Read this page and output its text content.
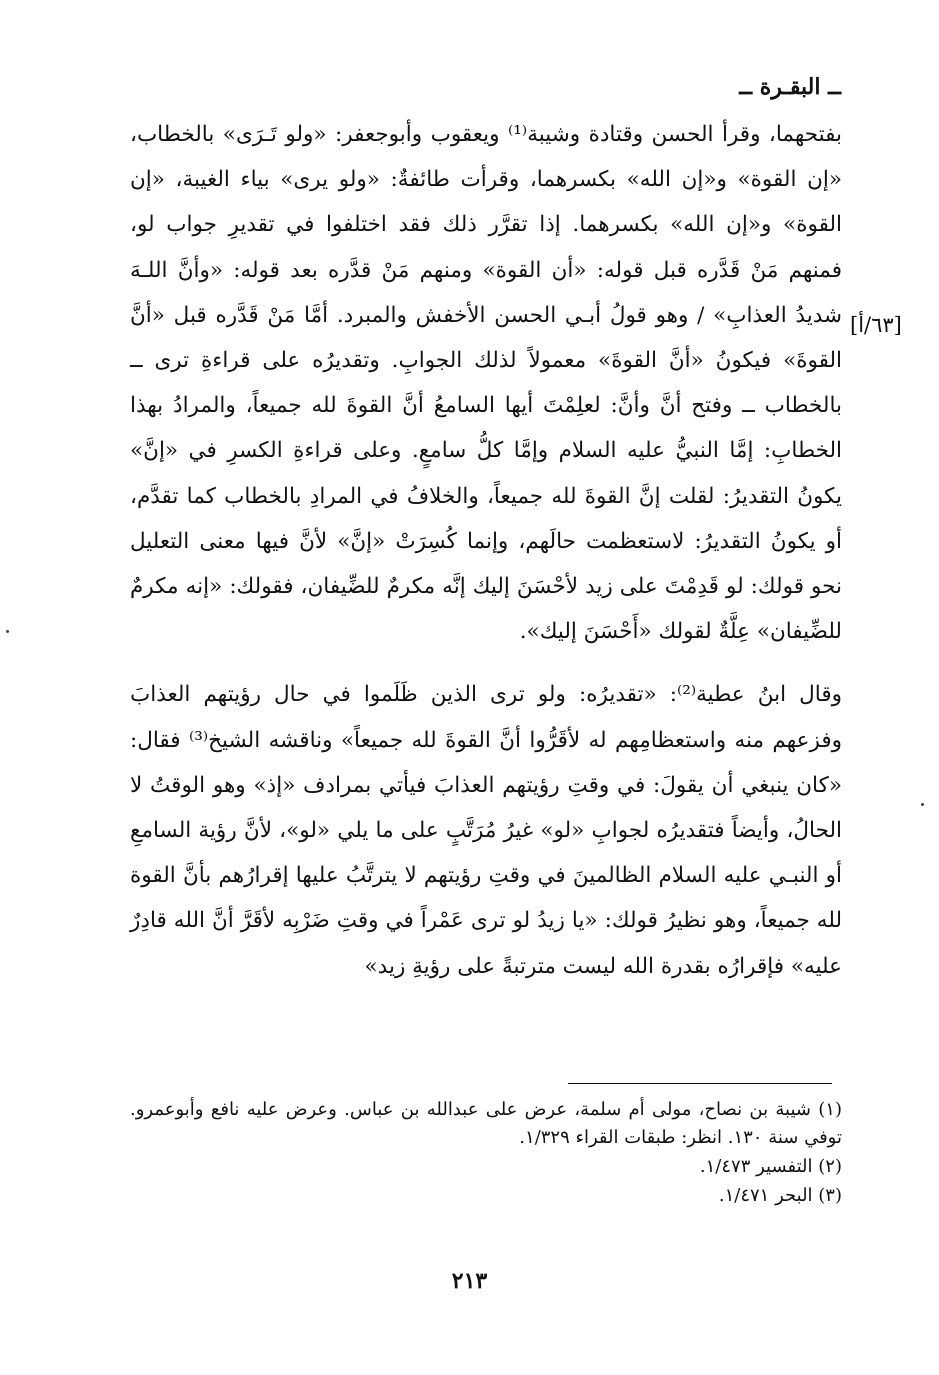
ــ البقـرة ــ
[٦٣/أ]

بفتحهما، وقرأ الحسن وقتادة وشيبة⁽¹⁾ ويعقوب وأبوجعفر: «ولو تَـرَى» بالخطاب، «إن القوة» و«إن الله» بكسرهما، وقرأت طائفةٌ: «ولو يرى» بياء الغيبة، «إن القوة» و«إن الله» بكسرهما. إذا تقرَّر ذلك فقد اختلفوا في تقديرِ جواب لو، فمنهم مَنْ قَدَّره قبل قوله: «أن القوة» ومنهم مَنْ قدَّره بعد قوله: «وأنَّ اللـهَ شديدُ العذابِ» / وهو قولُ أبـي الحسن الأخفش والمبرد. أمَّا مَنْ قَدَّره قبل «أنَّ القوةَ» فيكونُ «أنَّ القوةَ» معمولاً لذلك الجوابِ. وتقديرُه على قراءةِ ترى ــ بالخطاب ــ وفتح أنَّ وأنَّ: لعلِمْتَ أيها السامعُ أنَّ القوةَ لله جميعاً، والمرادُ بهذا الخطابِ: إمَّا النبيُّ عليه السلام وإمَّا كلُّ سامعٍ. وعلى قراءةِ الكسرِ في «إنَّ» يكونُ التقديرُ: لقلت إنَّ القوةَ لله جميعاً، والخلافُ في المرادِ بالخطاب كما تقدَّم، أو يكونُ التقديرُ: لاستعظمت حالَهم، وإنما كُسِرَتْ «إنَّ» لأنَّ فيها معنى التعليل نحو قولك: لو قَدِمْتَ على زيد لأحْسَنَ إليك إنَّه مكرمٌ للضِّيفان، فقولك: «إنه مكرمٌ للضِّيفان» عِلَّةٌ لقولك «أَحْسَنَ إليك».

وقال ابنُ عطية⁽²⁾: «تقديرُه: ولو ترى الذين ظَلَموا في حال رؤيتهم العذابَ وفزعهم منه واستعظامِهم له لأقَرُّوا أنَّ القوةَ لله جميعاً» وناقشه الشيخ⁽³⁾ فقال: «كان ينبغي أن يقولَ: في وقتِ رؤيتهم العذابَ فيأتي بمرادف «إذ» وهو الوقتُ لا الحالُ، وأيضاً فتقديرُه لجوابِ «لو» غيرُ مُرَتَّبٍ على ما يلي «لو»، لأنَّ رؤية السامعِ أو النبـي عليه السلام الظالمينَ في وقتِ رؤيتهم لا يترتَّبُ عليها إقرارُهم بأنَّ القوة لله جميعاً، وهو نظيرُ قولك: «يا زيدُ لو ترى عَمْراً في وقتِ ضَرْبِه لأقَرَّ أنَّ الله قادِرٌ عليه» فإقرارُه بقدرة الله ليست مترتبةً على رؤيةِ زيد»

(١) شيبة بن نصاح، مولى أم سلمة، عرض على عبدالله بن عباس. وعرض عليه نافع وأبوعمرو. توفي سنة ١٣٠. انظر: طبقات القراء ١/٣٢٩.

(٢) التفسير ١/٤٧٣.

(٣) البحر ١/٤٧١.

٢١٣
